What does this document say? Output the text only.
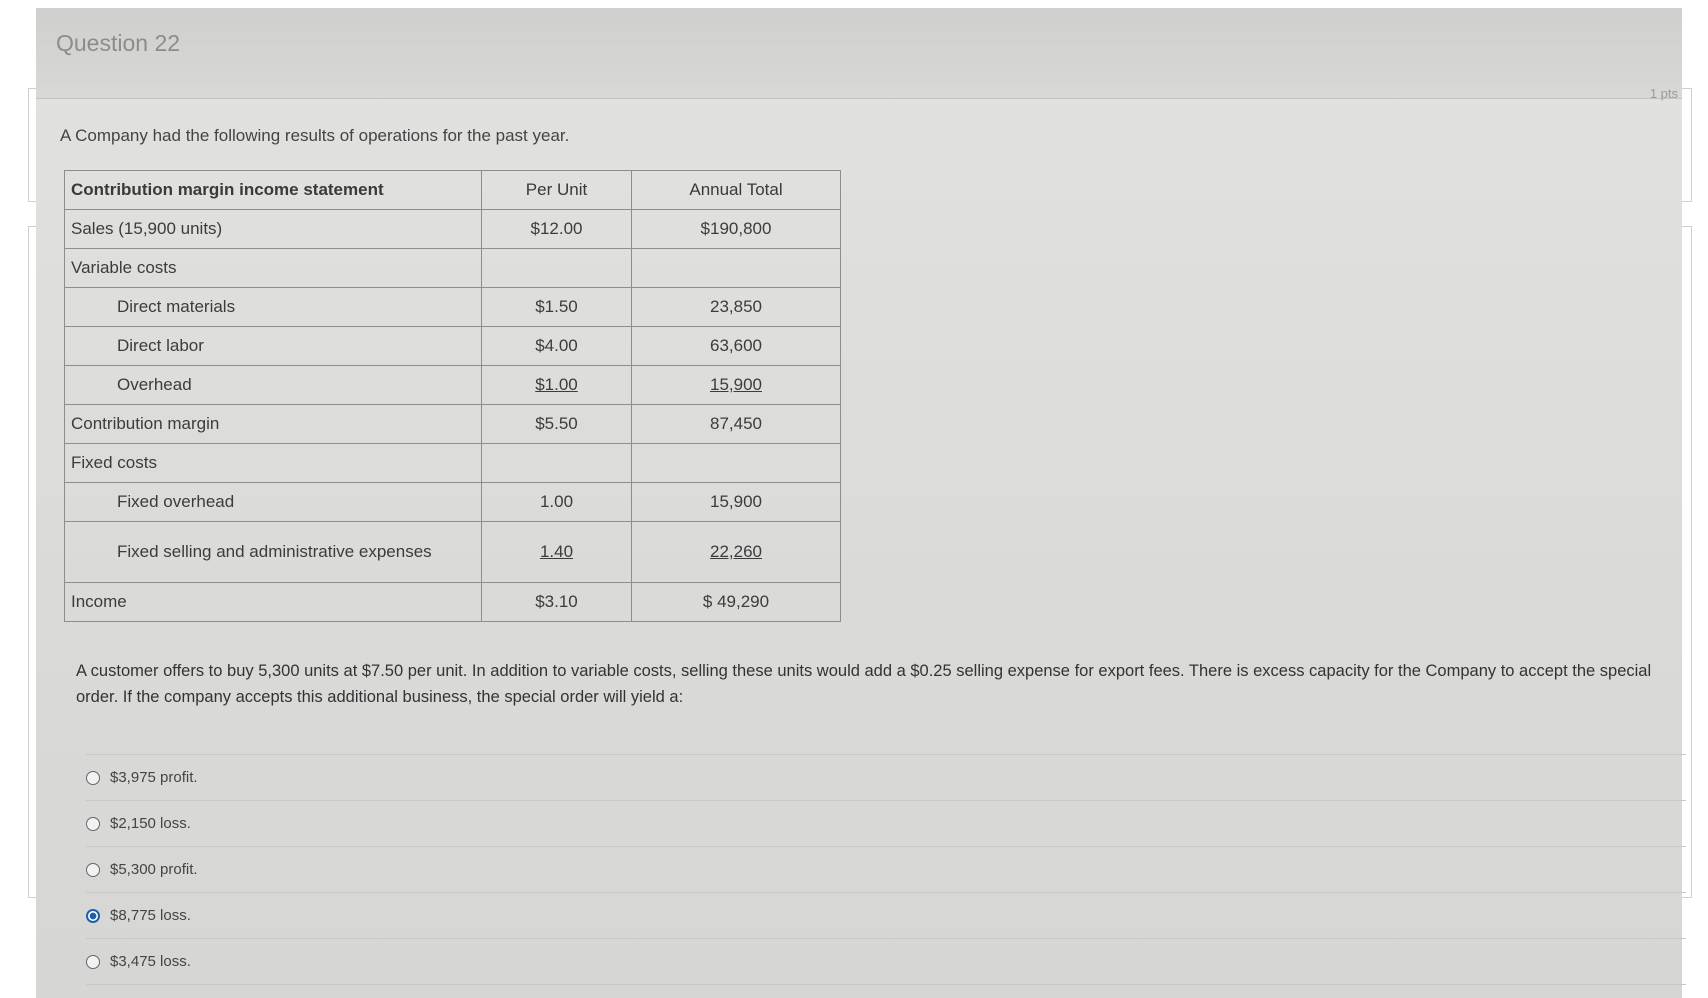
Question 22
1 pts
A Company had the following results of operations for the past year.
Contribution margin income statement	Per Unit	Annual Total
Sales (15,900 units)	$12.00	$190,800
Variable costs		
Direct materials	$1.50	23,850
Direct labor	$4.00	63,600
Overhead	$1.00	15,900
Contribution margin	$5.50	87,450
Fixed costs		
Fixed overhead	1.00	15,900
Fixed selling and administrative expenses	1.40	22,260
Income	$3.10	$ 49,290
A customer offers to buy 5,300 units at $7.50 per unit. In addition to variable costs, selling these units would add a $0.25 selling expense for export fees. There is excess capacity for the Company to accept the special order. If the company accepts this additional business, the special order will yield a:
$3,975 profit.
$2,150 loss.
$5,300 profit.
$8,775 loss.
$3,475 loss.
